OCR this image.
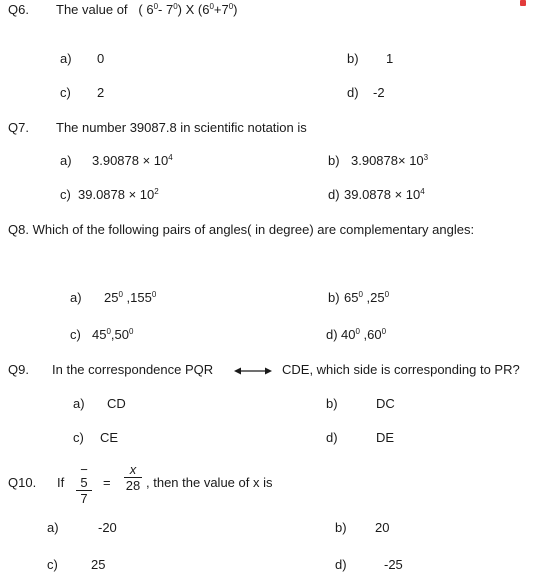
Q6. The value of ( $6^0-$ $7^0$) X $(6^0+7^0)$
a) 0	b) 1
c) 2	d) -2
Q7. The number 39087.8 in scientific notation is
a) $3.90878 \times 10^4$	b) $3.90878\times 10^3$
c) $39.0878 \times 10^2$	d) $39.0878 \times 10^4$
Q8. Which of the following pairs of angles( in degree) are complementary angles:
a) $25^0$ ,155$^0$	b) $65^0$ $,25^0$
c) $45^0,50^0$	d) $40^0$ $,60^0$
Q9. In the correspondence PQR	CDE, which side is corresponding to PR?
a) CD	b)	DC
c) CE	d)	DE
Q10. If $\frac{- 5}{7} = \frac{x}{28}$ , then the value of x is
a)	-20	b) 20
c)	25	d)	-25
